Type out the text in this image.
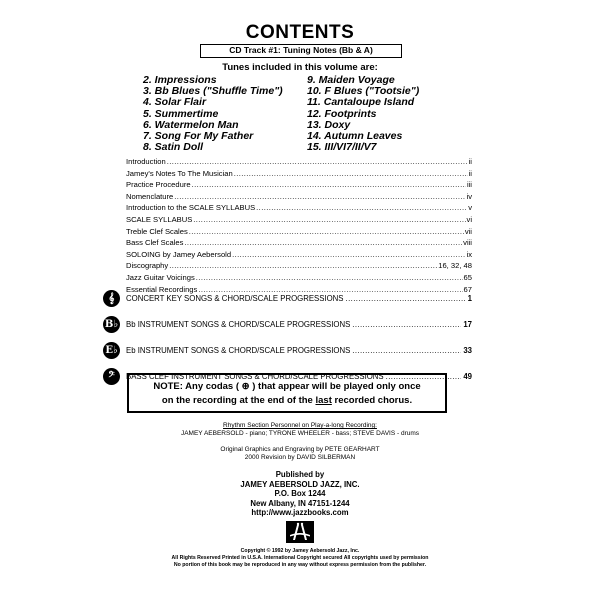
CONTENTS
CD Track #1: Tuning Notes (Bb & A)
Tunes included in this volume are:
2. Impressions
3. Bb Blues ("Shuffle Time")
4. Solar Flair
5. Summertime
6. Watermelon Man
7. Song For My Father
8. Satin Doll
9. Maiden Voyage
10. F Blues ("Tootsie")
11. Cantaloupe Island
12. Footprints
13. Doxy
14. Autumn Leaves
15. III/VI7/II/V7
Introduction .....	ii
Jamey's Notes To The Musician .....	ii
Practice Procedure .....	iii
Nomenclature .....	iv
Introduction to the SCALE SYLLABUS .....	v
SCALE SYLLABUS .....	vi
Treble Clef Scales .....	vii
Bass Clef Scales .....	viii
SOLOING by Jamey Aebersold .....	ix
Discography .....	16, 32, 48
Jazz Guitar Voicings .....	65
Essential Recordings .....	67
𝄞	CONCERT KEY SONGS & CHORD/SCALE PROGRESSIONS .....	1
B♭ Bb INSTRUMENT SONGS & CHORD/SCALE PROGRESSIONS .....	17
E♭ Eb INSTRUMENT SONGS & CHORD/SCALE PROGRESSIONS .....	33
𝄢	BASS CLEF INSTRUMENT SONGS & CHORD/SCALE PROGRESSIONS .....	49
NOTE: Any codas ( ⊕ ) that appear will be played only once
on the recording at the end of the last recorded chorus.
Rhythm Section Personnel on Play-a-long Recording:
JAMEY AEBERSOLD - piano; TYRONE WHEELER - bass; STEVE DAVIS - drums
Original Graphics and Engraving by PETE GEARHART
2000 Revision by DAVID SILBERMAN
Published by
JAMEY AEBERSOLD JAZZ, INC.
P.O. Box 1244
New Albany, IN 47151-1244
http://www.jazzbooks.com
Copyright © 1992 by Jamey Aebersold Jazz, Inc.
All Rights Reserved Printed in U.S.A. International Copyright secured All copyrights used by permission
No portion of this book may be reproduced in any way without express permission from the publisher.
